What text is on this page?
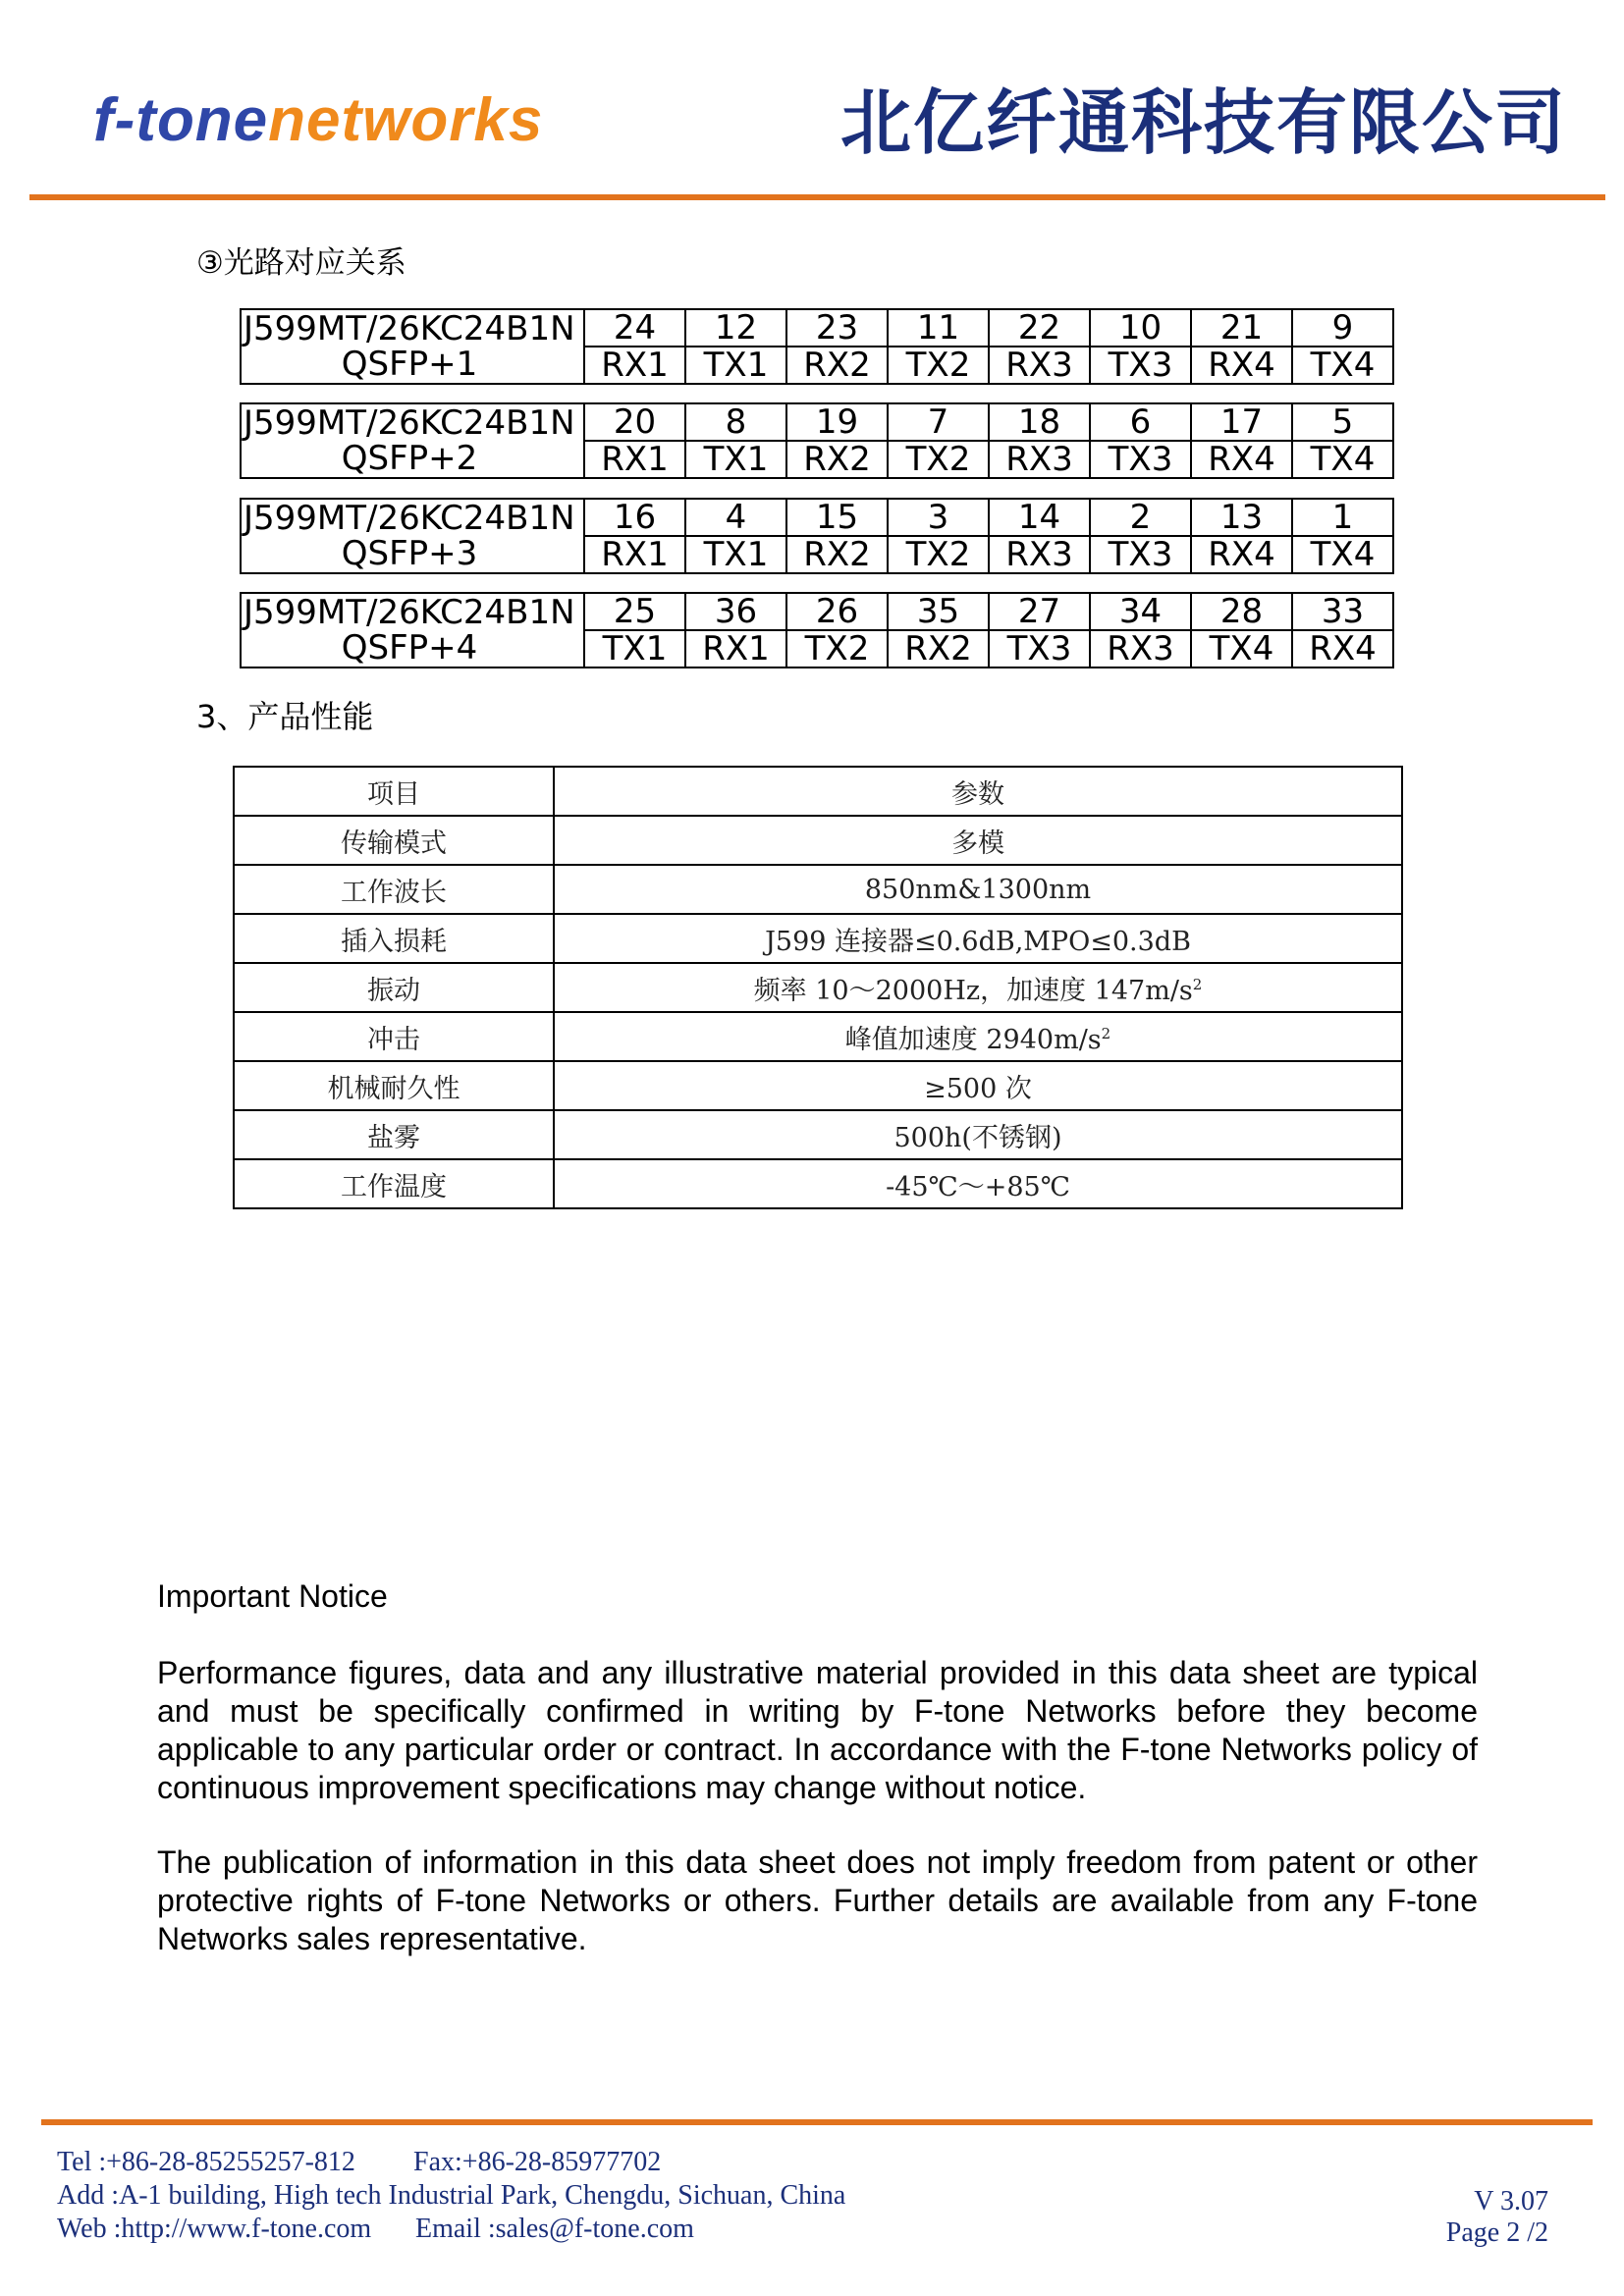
f-tonenetworks	北亿纤通科技有限公司
③光路对应关系
J599MT/26KC24B1N
QSFP+1	24	12	23	11	22	10	21	9
	RX1	TX1	RX2	TX2	RX3	TX3	RX4	TX4
J599MT/26KC24B1N
QSFP+2	20	8	19	7	18	6	17	5
	RX1	TX1	RX2	TX2	RX3	TX3	RX4	TX4
J599MT/26KC24B1N
QSFP+3	16	4	15	3	14	2	13	1
	RX1	TX1	RX2	TX2	RX3	TX3	RX4	TX4
J599MT/26KC24B1N
QSFP+4	25	36	26	35	27	34	28	33
	TX1	RX1	TX2	RX2	TX3	RX3	TX4	RX4
3、产品性能
项目	参数
传输模式	多模
工作波长	850nm&1300nm
插入损耗	J599 连接器≤0.6dB,MPO≤0.3dB
振动	频率 10～2000Hz，加速度 $147m/s^2$
冲击	峰值加速度 $2940m/s^2$
机械耐久性	≥500 次
盐雾	500h(不锈钢)
工作温度	-45℃～+85℃
Important Notice
Performance figures, data and any illustrative material provided in this data sheet are typical and must be specifically confirmed in writing by F-tone Networks before they become applicable to any particular order or contract. In accordance with the F-tone Networks policy of continuous improvement specifications may change without notice.
The publication of information in this data sheet does not imply freedom from patent or other protective rights of F-tone Networks or others. Further details are available from any F-tone Networks sales representative.
Tel :+86-28-85255257-812 Fax:+86-28-85977702
Add :A-1 building, High tech Industrial Park, Chengdu, Sichuan, China
Web :http://www.f-tone.com Email :sales@f-tone.com
V 3.07
Page 2 /2
